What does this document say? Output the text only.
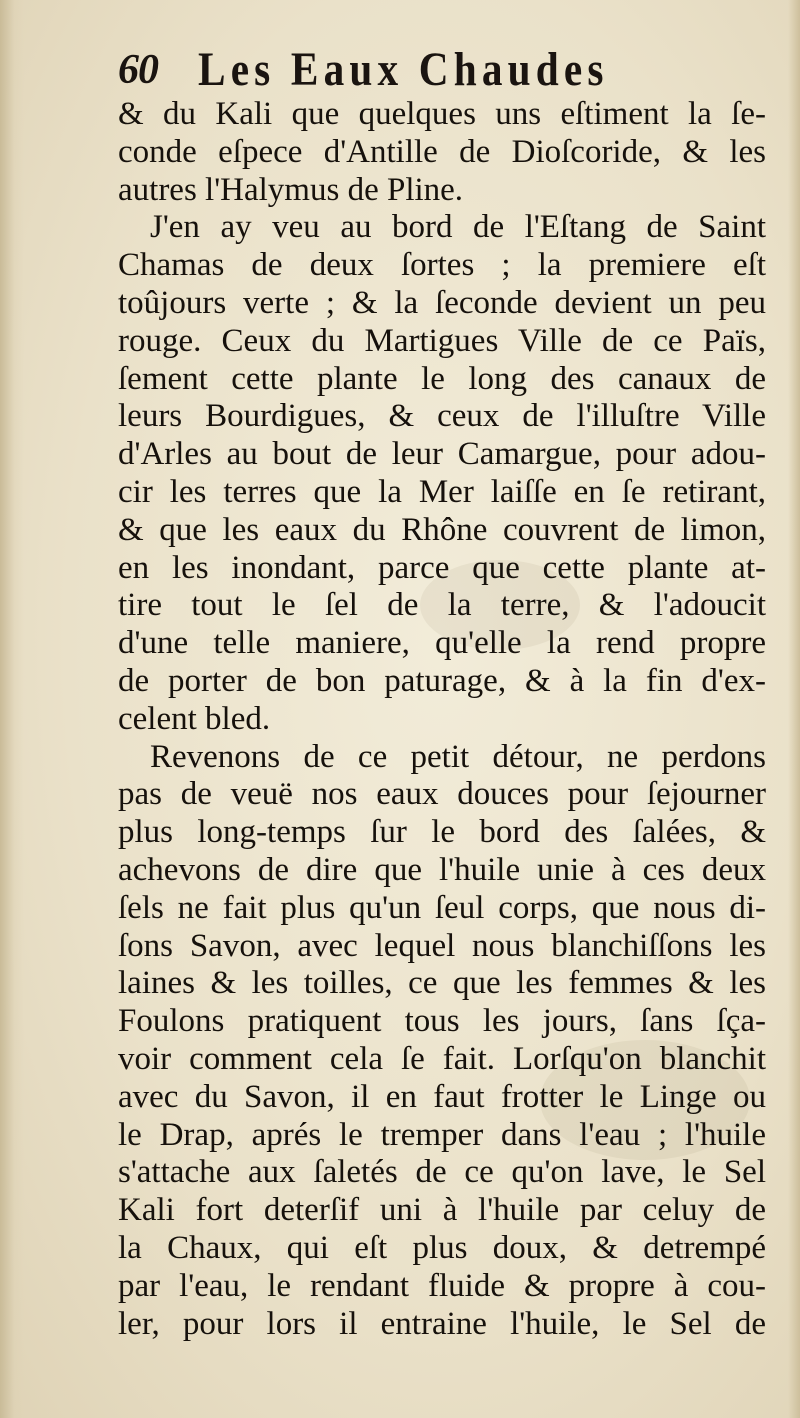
60 Les Eaux Chaudes
& du Kali que quelques uns eſtiment la ſe-
conde eſpece d'Antille de Dioſcoride, & les
autres l'Halymus de Pline.
J'en ay veu au bord de l'Eſtang de Saint
Chamas de deux ſortes ; la premiere eſt
toûjours verte ; & la ſeconde devient un peu
rouge. Ceux du Martigues Ville de ce Païs,
ſement cette plante le long des canaux de
leurs Bourdigues, & ceux de l'illuſtre Ville
d'Arles au bout de leur Camargue, pour adou-
cir les terres que la Mer laiſſe en ſe retirant,
& que les eaux du Rhône couvrent de limon,
en les inondant, parce que cette plante at-
tire tout le ſel de la terre, & l'adoucit
d'une telle maniere, qu'elle la rend propre
de porter de bon paturage, & à la fin d'ex-
celent bled.
Revenons de ce petit détour, ne perdons
pas de veuë nos eaux douces pour ſejourner
plus long-temps ſur le bord des ſalées, &
achevons de dire que l'huile unie à ces deux
ſels ne fait plus qu'un ſeul corps, que nous di-
ſons Savon, avec lequel nous blanchiſſons les
laines & les toilles, ce que les femmes & les
Foulons pratiquent tous les jours, ſans ſça-
voir comment cela ſe fait. Lorſqu'on blanchit
avec du Savon, il en faut frotter le Linge ou
le Drap, aprés le tremper dans l'eau ; l'huile
s'attache aux ſaletés de ce qu'on lave, le Sel
Kali fort deterſif uni à l'huile par celuy de
la Chaux, qui eſt plus doux, & detrempé
par l'eau, le rendant fluide & propre à cou-
ler, pour lors il entraine l'huile, le Sel de
